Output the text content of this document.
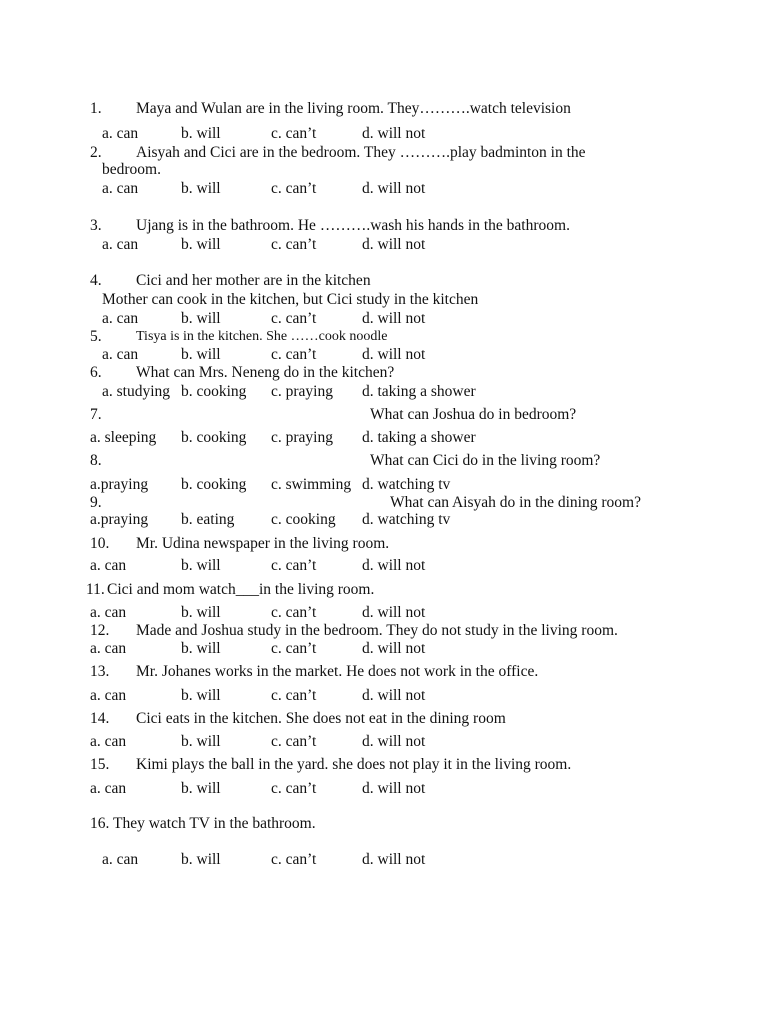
1. Maya and Wulan are in the living room. They……….watch television
a. can	b. will	c. can’t	d. will not
2. Aisyah and Cici are in the bedroom. They ……….play badminton in the
bedroom.
a. can	b. will	c. can’t	d. will not
3. Ujang is in the bathroom. He ……….wash his hands in the bathroom.
a. can	b. will	c. can’t	d. will not
4. Cici and her mother are in the kitchen
Mother can cook in the kitchen, but Cici study in the kitchen
a. can	b. will	c. can’t	d. will not
5. Tisya is in the kitchen. She ……cook noodle
a. can	b. will	c. can’t	d. will not
6. What can Mrs. Neneng do in the kitchen?
a. studying b. cooking c. praying d. taking a shower
7.	What can Joshua do in bedroom?
a. sleeping b. cooking c. praying d. taking a shower
8.	What can Cici do in the living room?
a.praying b. cooking c. swimming d. watching tv
9.	What can Aisyah do in the dining room?
a.praying b. eating c. cooking d. watching tv
10. Mr. Udina newspaper in the living room.
a. can	b. will	c. can’t	d. will not
11. Cici and mom watch___in the living room.
a. can	b. will	c. can’t	d. will not
12. Made and Joshua study in the bedroom. They do not study in the living room.
a. can	b. will	c. can’t	d. will not
13. Mr. Johanes works in the market. He does not work in the office.
a. can	b. will	c. can’t	d. will not
14. Cici eats in the kitchen. She does not eat in the dining room
a. can	b. will	c. can’t	d. will not
15. Kimi plays the ball in the yard. she does not play it in the living room.
a. can	b. will	c. can’t	d. will not
16. They watch TV in the bathroom.
a. can	b. will	c. can’t	d. will not
